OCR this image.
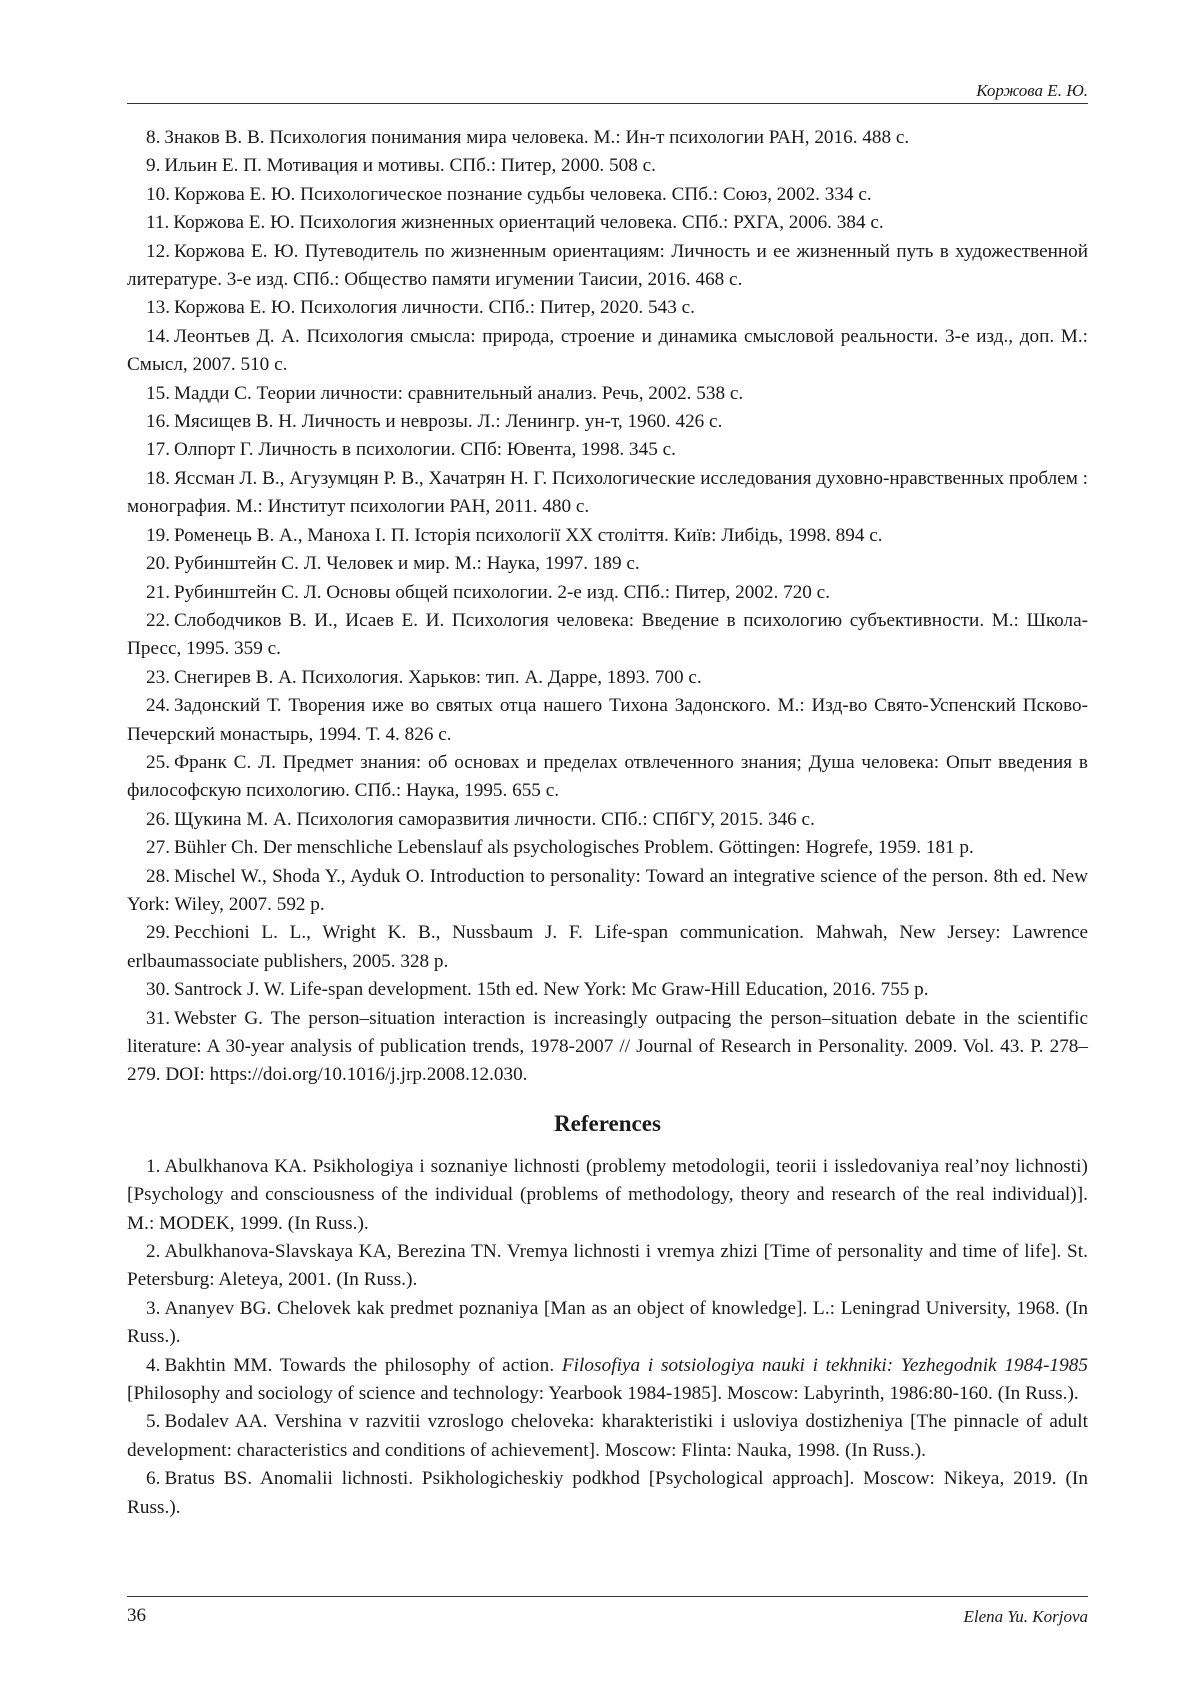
Коржова Е. Ю.

8. Знаков В. В. Психология понимания мира человека. М.: Ин-т психологии РАН, 2016. 488 с.

9. Ильин Е. П. Мотивация и мотивы. СПб.: Питер, 2000. 508 с.

10. Коржова Е. Ю. Психологическое познание судьбы человека. СПб.: Союз, 2002. 334 с.

11. Коржова Е. Ю. Психология жизненных ориентаций человека. СПб.: РХГА, 2006. 384 с.

12. Коржова Е. Ю. Путеводитель по жизненным ориентациям: Личность и ее жизненный путь в художественной литературе. 3-е изд. СПб.: Общество памяти игумении Таисии, 2016. 468 с.

13. Коржова Е. Ю. Психология личности. СПб.: Питер, 2020. 543 с.

14. Леонтьев Д. А. Психология смысла: природа, строение и динамика смысловой реальности. 3-е изд., доп. М.: Смысл, 2007. 510 с.

15. Мадди С. Теории личности: сравнительный анализ. Речь, 2002. 538 с.

16. Мясищев В. Н. Личность и неврозы. Л.: Ленингр. ун-т, 1960. 426 с.

17. Олпорт Г. Личность в психологии. СПб: Ювента, 1998. 345 с.

18. Яссман Л. В., Агузумцян Р. В., Хачатрян Н. Г. Психологические исследования духовно-нравственных проблем : монография. М.: Институт психологии РАН, 2011. 480 с.

19. Роменець В. А., Маноха І. П. Історія психології XX століття. Київ: Либідь, 1998. 894 с.

20. Рубинштейн С. Л. Человек и мир. М.: Наука, 1997. 189 с.

21. Рубинштейн С. Л. Основы общей психологии. 2-е изд. СПб.: Питер, 2002. 720 с.

22. Слободчиков В. И., Исаев Е. И. Психология человека: Введение в психологию субъективности. М.: Школа-Пресс, 1995. 359 с.

23. Снегирев В. А. Психология. Харьков: тип. А. Дарре, 1893. 700 с.

24. Задонский Т. Творения иже во святых отца нашего Тихона Задонского. М.: Изд-во Свято-Успенский Псково-Печерский монастырь, 1994. Т. 4. 826 с.

25. Франк С. Л. Предмет знания: об основах и пределах отвлеченного знания; Душа человека: Опыт введения в философскую психологию. СПб.: Наука, 1995. 655 с.

26. Щукина М. А. Психология саморазвития личности. СПб.: СПбГУ, 2015. 346 с.

27. Bühler Ch. Der menschliche Lebenslauf als psychologisches Problem. Göttingen: Hogrefe, 1959. 181 p.

28. Mischel W., Shoda Y., Ayduk O. Introduction to personality: Toward an integrative science of the person. 8th ed. New York: Wiley, 2007. 592 p.

29. Pecchioni L. L., Wright K. B., Nussbaum J. F. Life-span communication. Mahwah, New Jersey: Lawrence erlbaumassociate publishers, 2005. 328 p.

30. Santrock J. W. Life-span development. 15th ed. New York: Mc Graw-Hill Education, 2016. 755 p.

31. Webster G. The person–situation interaction is increasingly outpacing the person–situation debate in the scientific literature: A 30-year analysis of publication trends, 1978-2007 // Journal of Research in Personality. 2009. Vol. 43. P. 278–279. DOI: https://doi.org/10.1016/j.jrp.2008.12.030.

References

1. Abulkhanova KA. Psikhologiya i soznaniye lichnosti (problemy metodologii, teorii i issledovaniya real’noy lichnosti) [Psychology and consciousness of the individual (problems of methodology, theory and research of the real individual)]. M.: MODEK, 1999. (In Russ.).

2. Abulkhanova-Slavskaya KA, Berezina TN. Vremya lichnosti i vremya zhizi [Time of personality and time of life]. St. Petersburg: Aleteya, 2001. (In Russ.).

3. Ananyev BG. Chelovek kak predmet poznaniya [Man as an object of knowledge]. L.: Leningrad University, 1968. (In Russ.).

4. Bakhtin MM. Towards the philosophy of action. Filosofiya i sotsiologiya nauki i tekhniki: Yezhegodnik 1984-1985 [Philosophy and sociology of science and technology: Yearbook 1984-1985]. Moscow: Labyrinth, 1986:80-160. (In Russ.).

5. Bodalev AA. Vershina v razvitii vzroslogo cheloveka: kharakteristiki i usloviya dostizheniya [The pinnacle of adult development: characteristics and conditions of achievement]. Moscow: Flinta: Nauka, 1998. (In Russ.).

6. Bratus BS. Anomalii lichnosti. Psikhologicheskiy podkhod [Psychological approach]. Moscow: Nikeya, 2019. (In Russ.).

36	Elena Yu. Korjova
